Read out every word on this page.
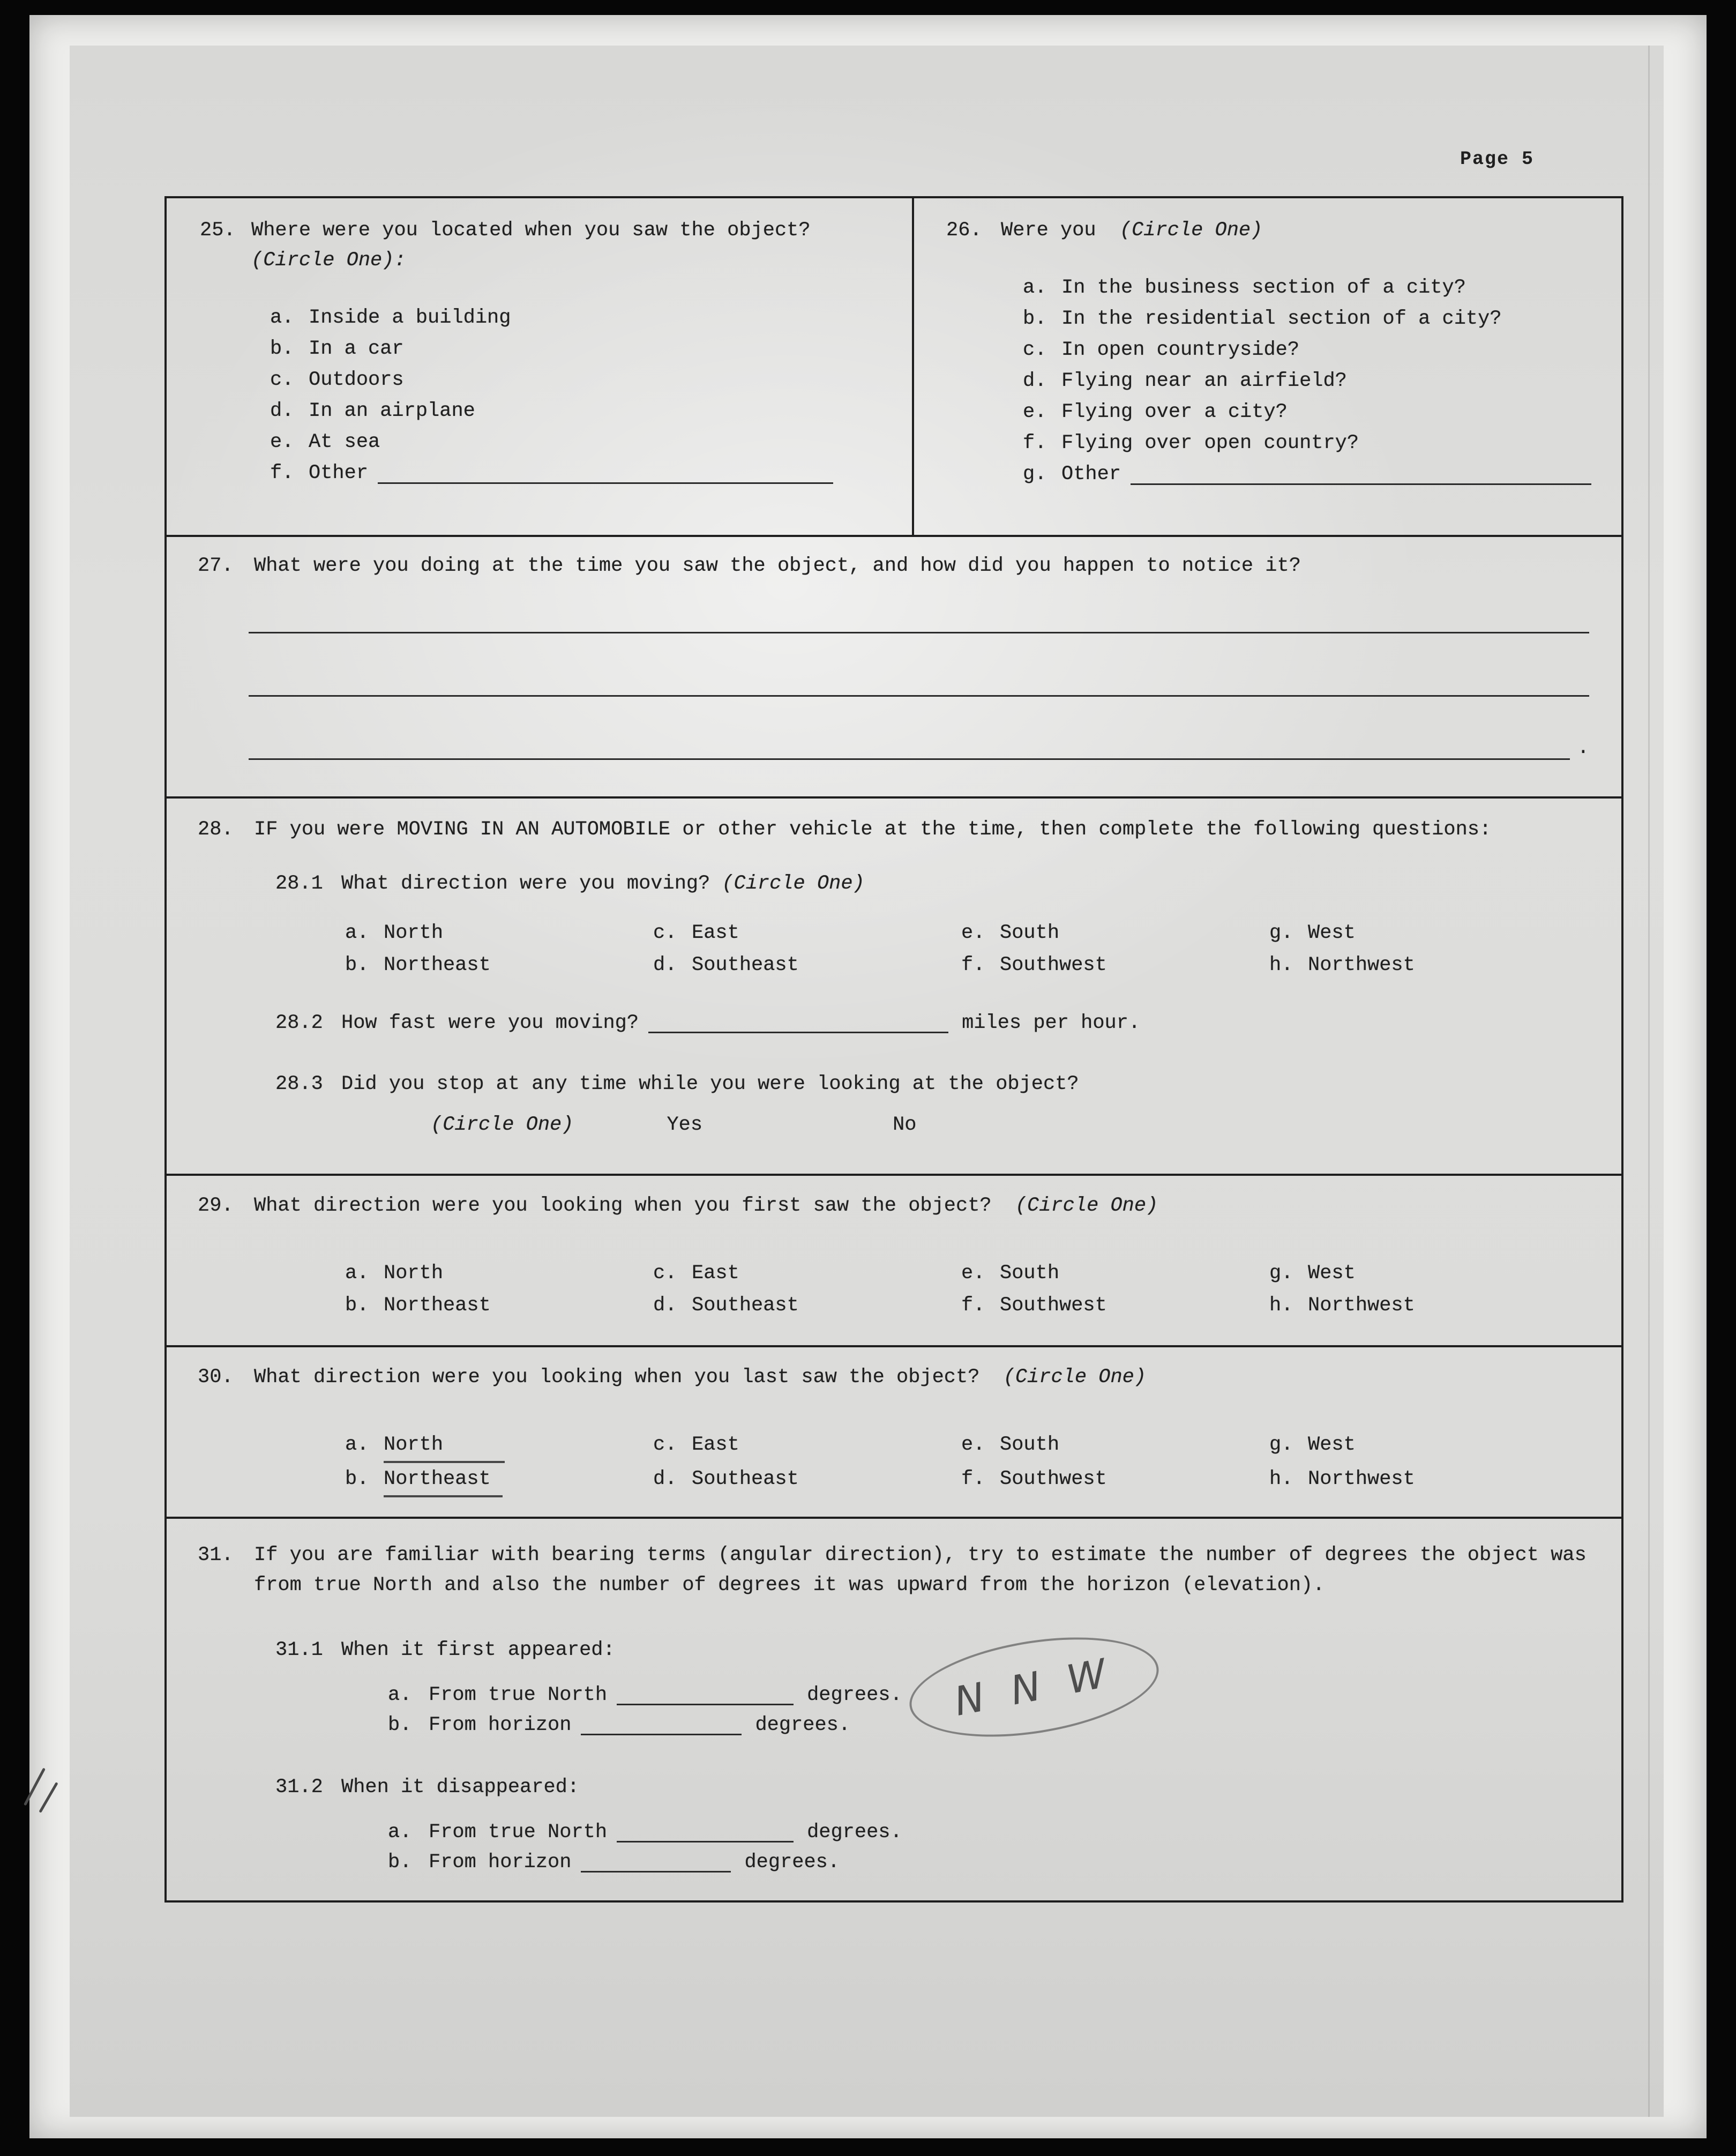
Page 5
25. Where were you located when you saw the object?
(Circle One):
a. Inside a building
b. In a car
c. Outdoors
d. In an airplane
e. At sea
f. Other
26. Were you (Circle One)
a. In the business section of a city?
b. In the residential section of a city?
c. In open countryside?
d. Flying near an airfield?
e. Flying over a city?
f. Flying over open country?
g. Other
27.	What were you doing at the time you saw the object, and how did you happen to notice it?
.
28.	IF you were MOVING IN AN AUTOMOBILE or other vehicle at the time, then complete the following questions:
28.1 What direction were you moving? (Circle One)
a. North	c. East	e. South	g. West
b. Northeast	d. Southeast	f. Southwest	h. Northwest
28.2 How fast were you moving?	miles per hour.
28.3 Did you stop at any time while you were looking at the object?
(Circle One)	Yes	No
29.	What direction were you looking when you first saw the object? (Circle One)
a. North	c. East	e. South	g. West
b. Northeast	d. Southeast	f. Southwest	h. Northwest
30.	What direction were you looking when you last saw the object? (Circle One)
a. North	c. East	e. South	g. West
b. Northeast	d. Southeast	f. Southwest	h. Northwest
31.	If you are familiar with bearing terms (angular direction), try to estimate the number of degrees the object was
from true North and also the number of degrees it was upward from the horizon (elevation).
31.1 When it first appeared:
a. From true North	degrees.
b. From horizon	degrees.
N N W
31.2 When it disappeared:
a. From true North	degrees.
b. From horizon	degrees.
